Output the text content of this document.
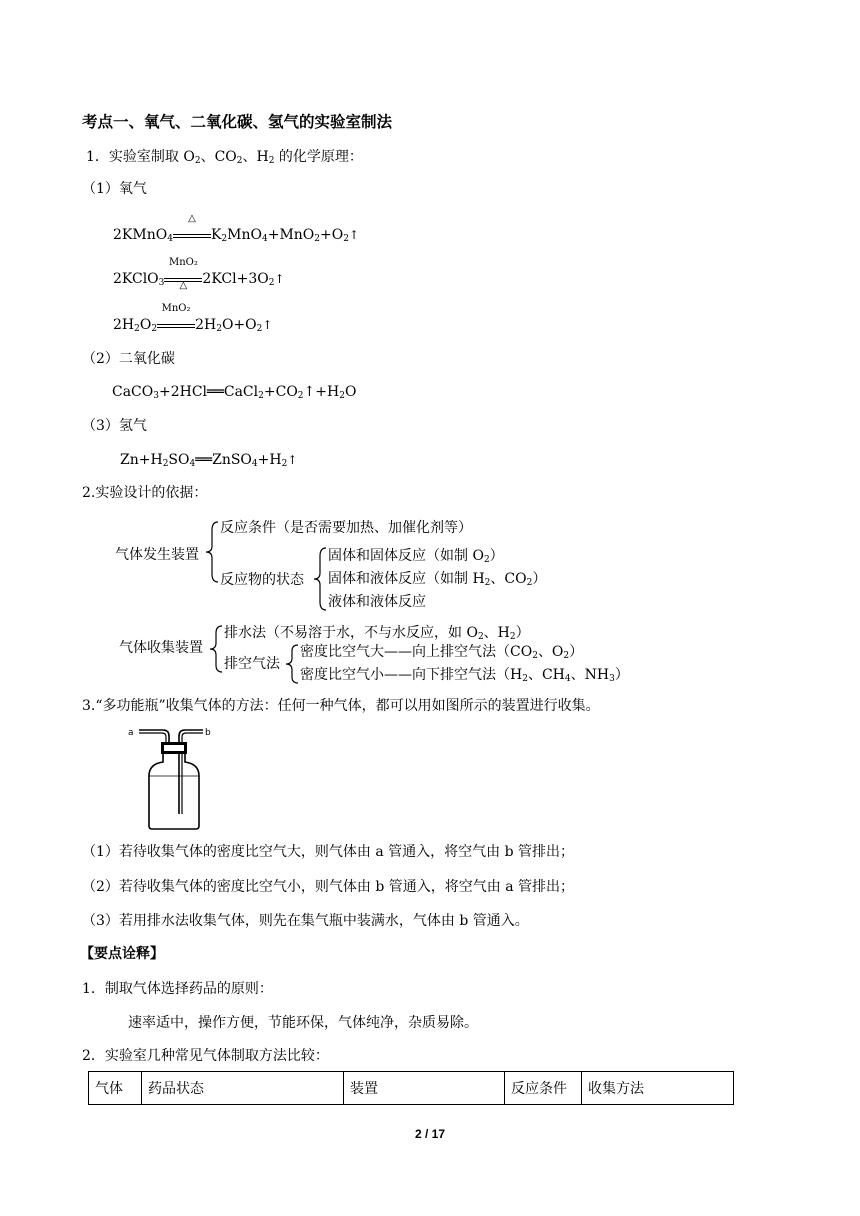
考点一、氧气、二氧化碳、氢气的实验室制法
1．实验室制取 $O_2$、$CO_2$、$H_2$ 的化学原理：
（1）氧气
2KMnO$_4$
△
$K_2MnO_4+MnO_2+O_2↑$
2KClO$_3$
MnO₂
△	$2KCl+3O_2↑$
$2H_2O_2$
MnO₂
$2H_2O+O_2↑$
（2）二氧化碳
$CaCO_3+2HCl══CaCl_2+CO_2↑+H_2O$
（3）氢气
$Zn+H_2SO_4══ZnSO_4+H_2↑$
2.实验设计的依据：
气体发生装置
反应条件（是否需要加热、加催化剂等）
反应物的状态
固体和固体反应（如制 $O_2$）
固体和液体反应（如制 $H_2$、$CO_2$）
液体和液体反应
气体收集装置
排水法（不易溶于水，不与水反应，如 $O_2$、$H_2$）
排空气法
密度比空气大——向上排空气法（$CO_2$、$O_2$）
密度比空气小——向下排空气法（$H_2$、$CH_4$、$NH_3$）
3.“多功能瓶”收集气体的方法：任何一种气体，都可以用如图所示的装置进行收集。
a	b
（1）若待收集气体的密度比空气大，则气体由 a 管通入，将空气由 b 管排出；
（2）若待收集气体的密度比空气小，则气体由 b 管通入，将空气由 a 管排出；
（3）若用排水法收集气体，则先在集气瓶中装满水，气体由 b 管通入。
【要点诠释】
1．制取气体选择药品的原则：
速率适中，操作方便，节能环保，气体纯净，杂质易除。
2．实验室几种常见气体制取方法比较：
气体	药品状态	装置	反应条件	收集方法
2 / 17
